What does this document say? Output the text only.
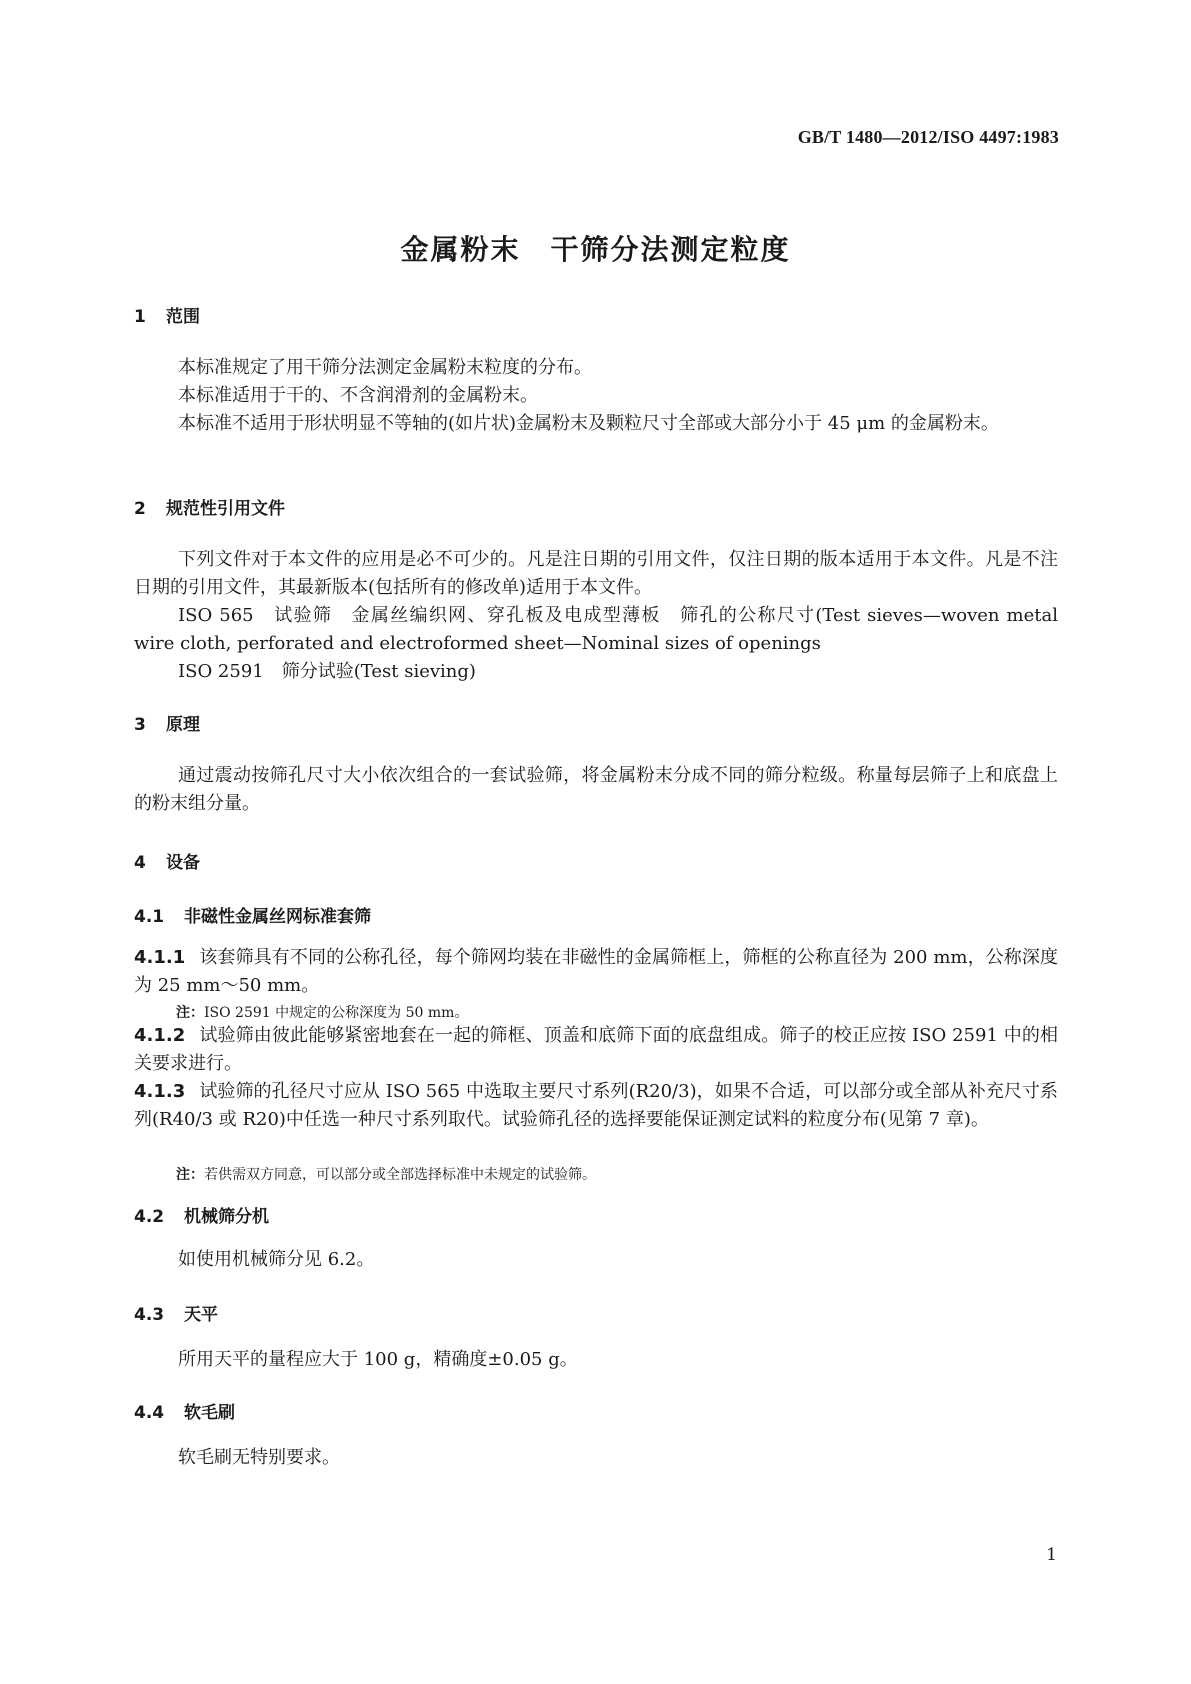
GB/T 1480—2012/ISO 4497:1983
金属粉末　干筛分法测定粒度
1 范围
本标准规定了用干筛分法测定金属粉末粒度的分布。
本标准适用于干的、不含润滑剂的金属粉末。
本标准不适用于形状明显不等轴的(如片状)金属粉末及颗粒尺寸全部或大部分小于 45 μm 的金属粉末。
2 规范性引用文件
下列文件对于本文件的应用是必不可少的。凡是注日期的引用文件，仅注日期的版本适用于本文件。凡是不注日期的引用文件，其最新版本(包括所有的修改单)适用于本文件。
ISO 565　试验筛　金属丝编织网、穿孔板及电成型薄板　筛孔的公称尺寸(Test sieves—woven metal wire cloth, perforated and electroformed sheet—Nominal sizes of openings
ISO 2591　筛分试验(Test sieving)
3 原理
通过震动按筛孔尺寸大小依次组合的一套试验筛，将金属粉末分成不同的筛分粒级。称量每层筛子上和底盘上的粉末组分量。
4 设备
4.1 非磁性金属丝网标准套筛
4.1.1 该套筛具有不同的公称孔径，每个筛网均装在非磁性的金属筛框上，筛框的公称直径为 200 mm，公称深度为 25 mm～50 mm。
注：ISO 2591 中规定的公称深度为 50 mm。
4.1.2 试验筛由彼此能够紧密地套在一起的筛框、顶盖和底筛下面的底盘组成。筛子的校正应按 ISO 2591 中的相关要求进行。
4.1.3 试验筛的孔径尺寸应从 ISO 565 中选取主要尺寸系列(R20/3)，如果不合适，可以部分或全部从补充尺寸系列(R40/3 或 R20)中任选一种尺寸系列取代。试验筛孔径的选择要能保证测定试料的粒度分布(见第 7 章)。
注：若供需双方同意，可以部分或全部选择标准中未规定的试验筛。
4.2 机械筛分机
如使用机械筛分见 6.2。
4.3 天平
所用天平的量程应大于 100 g，精确度±0.05 g。
4.4 软毛刷
软毛刷无特别要求。
1
